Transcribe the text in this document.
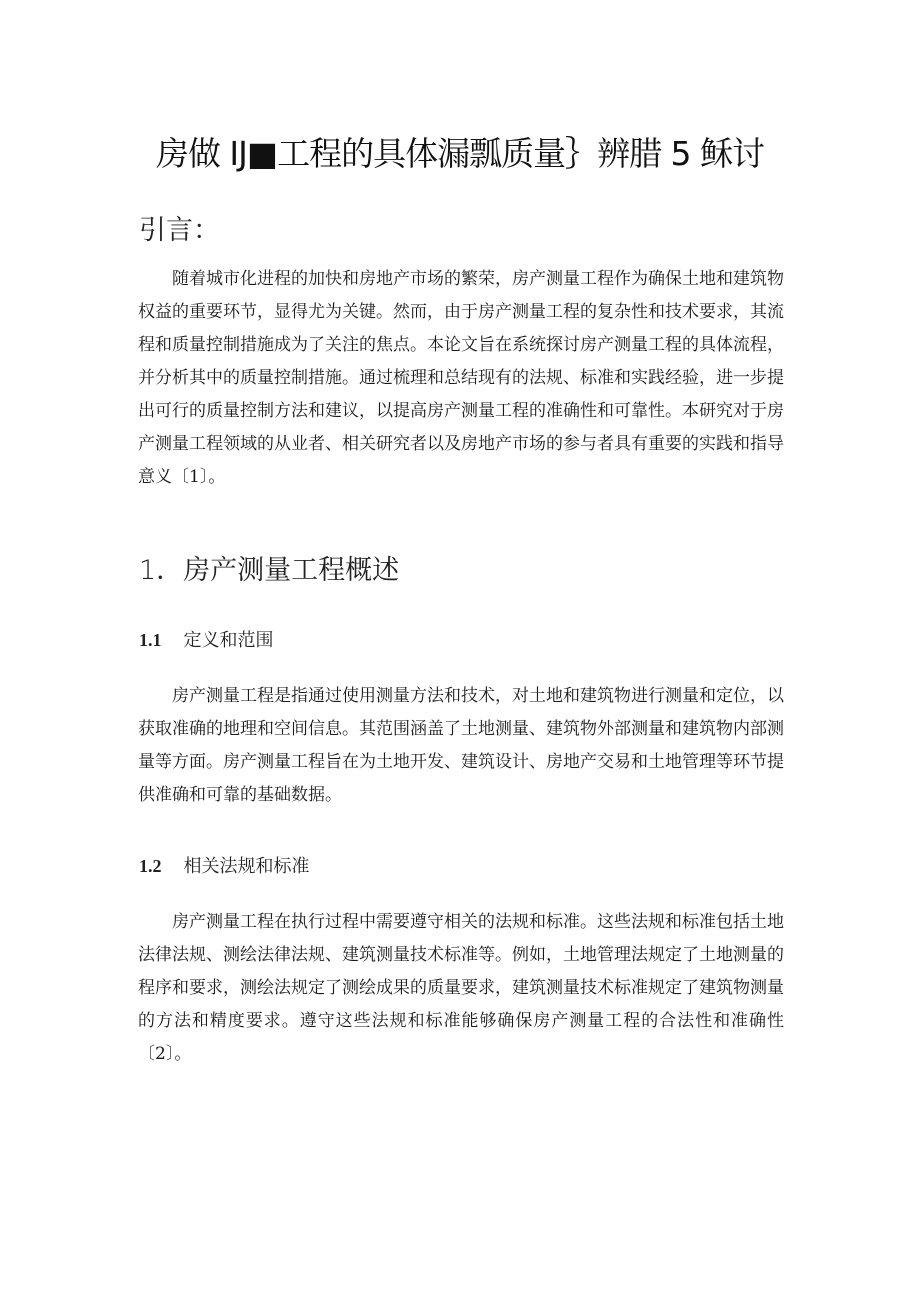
房做 IJ■工程的具体漏瓢质量｝辨腊 5 稣讨
引言：

随着城市化进程的加快和房地产市场的繁荣，房产测量工程作为确保土地和建筑物权益的重要环节，显得尤为关键。然而，由于房产测量工程的复杂性和技术要求，其流程和质量控制措施成为了关注的焦点。本论文旨在系统探讨房产测量工程的具体流程，并分析其中的质量控制措施。通过梳理和总结现有的法规、标准和实践经验，进一步提出可行的质量控制方法和建议，以提高房产测量工程的准确性和可靠性。本研究对于房产测量工程领域的从业者、相关研究者以及房地产市场的参与者具有重要的实践和指导意义〔1〕。

1．房产测量工程概述
1.1 定义和范围

房产测量工程是指通过使用测量方法和技术，对土地和建筑物进行测量和定位，以获取准确的地理和空间信息。其范围涵盖了土地测量、建筑物外部测量和建筑物内部测量等方面。房产测量工程旨在为土地开发、建筑设计、房地产交易和土地管理等环节提供准确和可靠的基础数据。

1.2 相关法规和标准

房产测量工程在执行过程中需要遵守相关的法规和标准。这些法规和标准包括土地法律法规、测绘法律法规、建筑测量技术标准等。例如，土地管理法规定了土地测量的程序和要求，测绘法规定了测绘成果的质量要求，建筑测量技术标准规定了建筑物测量的方法和精度要求。遵守这些法规和标准能够确保房产测量工程的合法性和准确性〔2〕。
